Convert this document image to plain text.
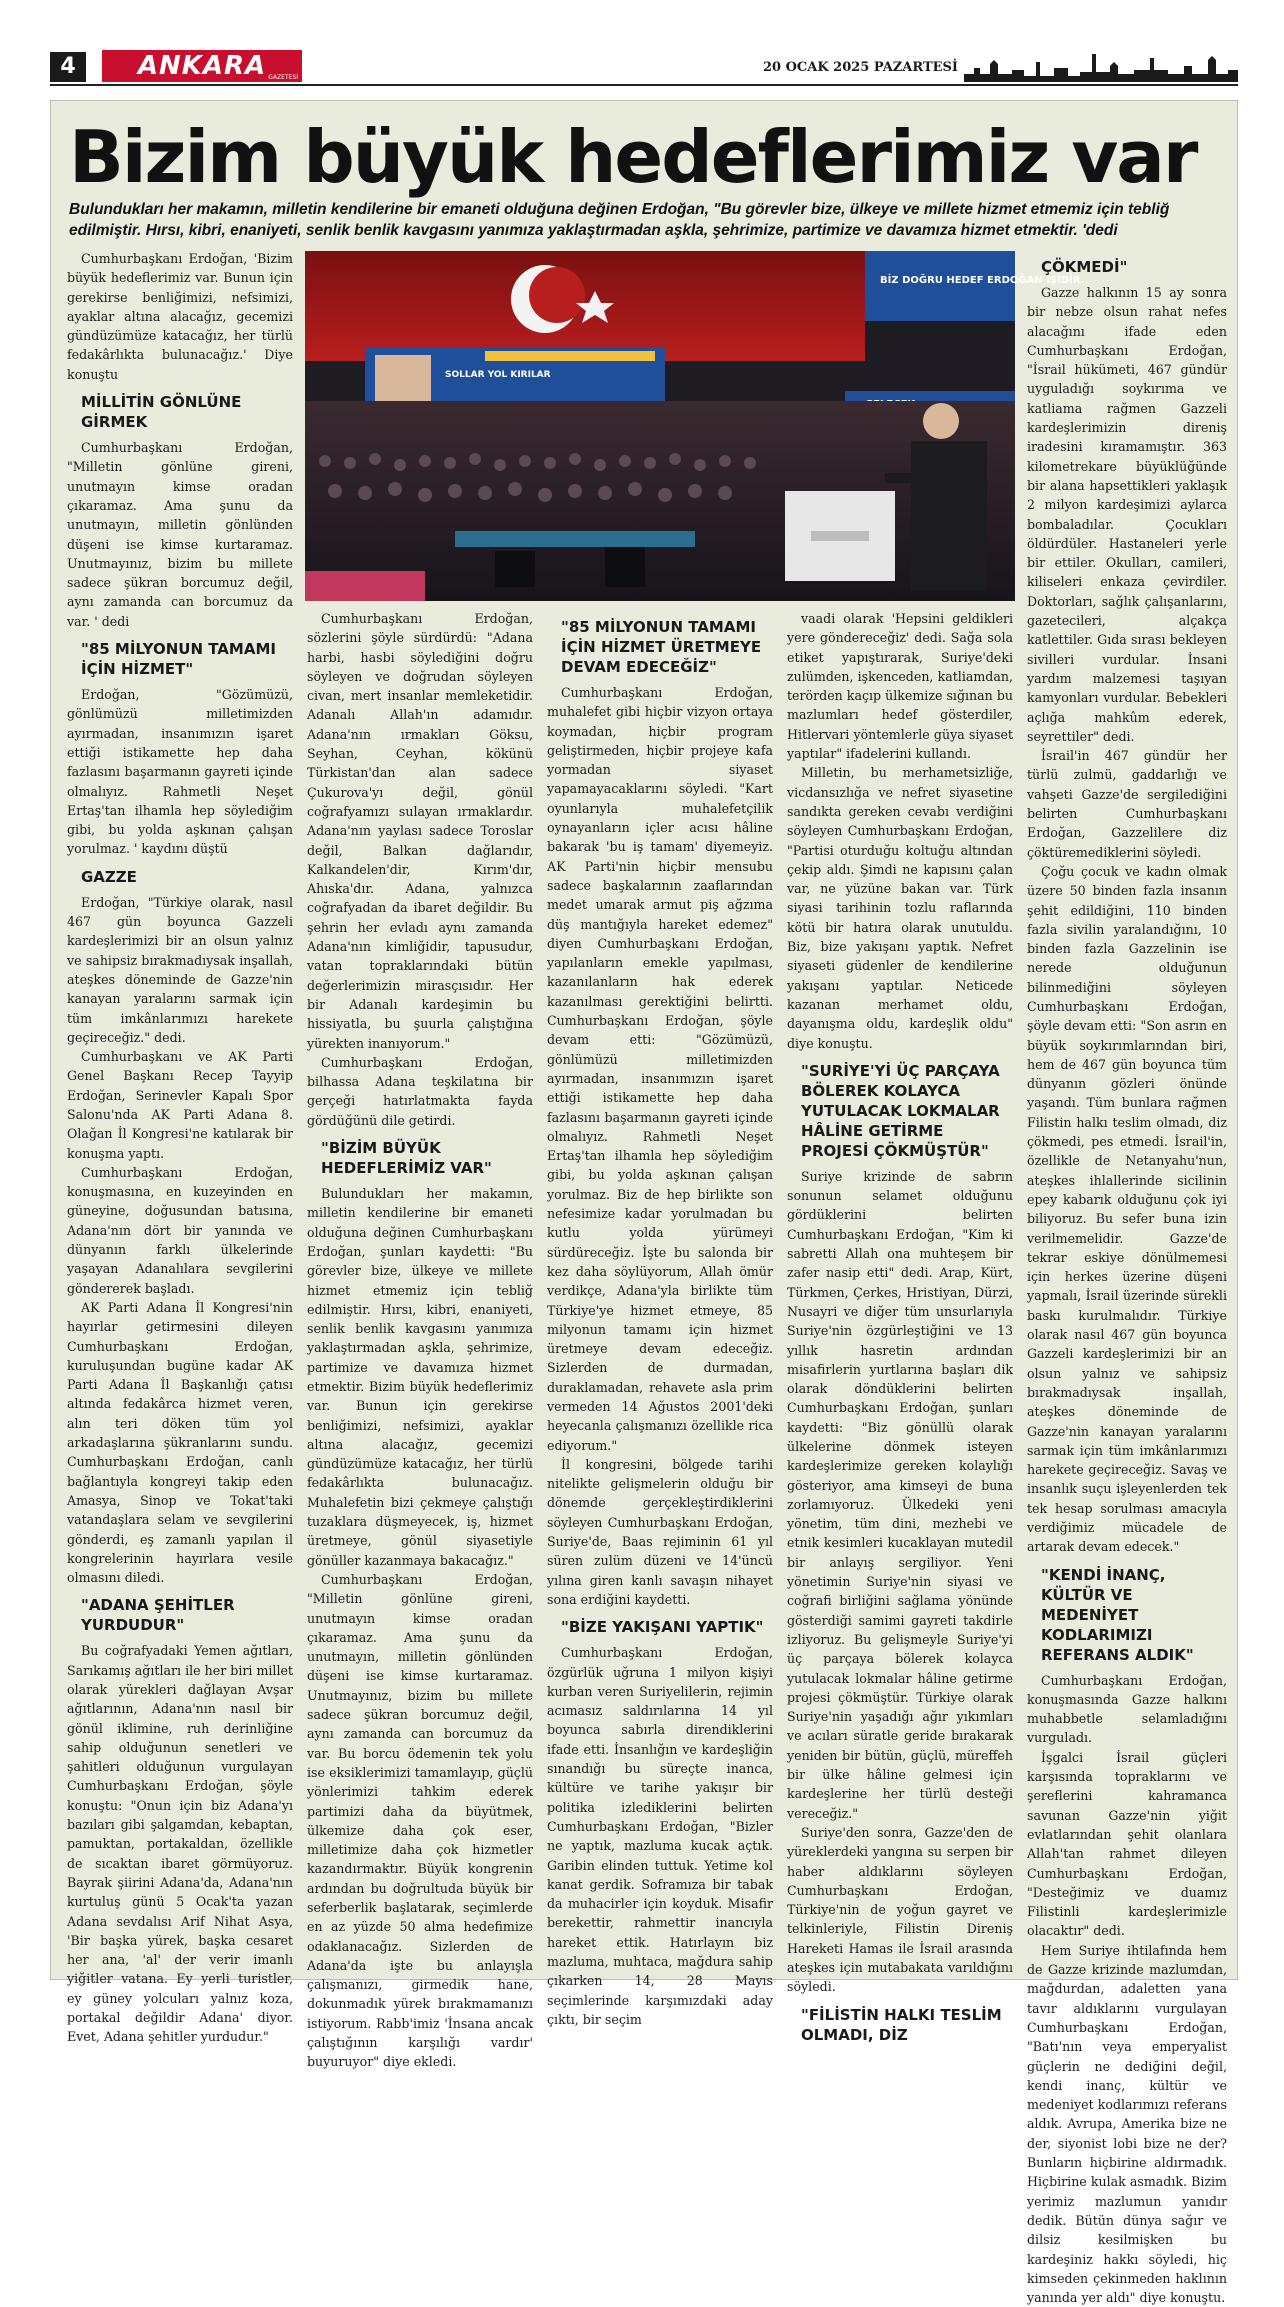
4	ANKARA GAZETESİ
20 OCAK 2025 PAZARTESİ
Bizim büyük hedeflerimiz var

Bulundukları her makamın, milletin kendilerine bir emaneti olduğuna değinen Erdoğan, "Bu görevler bize, ülkeye ve millete hizmet etmemiz için tebliğ edilmiştir. Hırsı, kibri, enaniyeti, senlik benlik kavgasını yanımıza yaklaştırmadan aşkla, şehrimize, partimize ve davamıza hizmet etmektir. 'dedi

SOLLAR YOL KIRILAR
BİZ DOĞRU HEDEF ERDOĞAN İŞİDİR.

Cumhurbaşkanı Erdoğan, 'Bizim büyük hedeflerimiz var. Bunun için gerekirse benliğimizi, nefsimizi, ayaklar altına alacağız, gecemizi gündüzümüze katacağız, her türlü fedakârlıkta bulunacağız.' Diye konuştu

MİLLİTİN GÖNLÜNE GİRMEK

Cumhurbaşkanı Erdoğan, "Milletin gönlüne gireni, unutmayın kimse oradan çıkaramaz. Ama şunu da unutmayın, milletin gönlünden düşeni ise kimse kurtaramaz. Unutmayınız, bizim bu millete sadece şükran borcumuz değil, aynı zamanda can borcumuz da var. ' dedi

"85 MİLYONUN TAMAMI İÇİN HİZMET"

Erdoğan, "Gözümüzü, gönlümüzü milletimizden ayırmadan, insanımızın işaret ettiği istikamette hep daha fazlasını başarmanın gayreti içinde olmalıyız. Rahmetli Neşet Ertaş'tan ilhamla hep söylediğim gibi, bu yolda aşkınan çalışan yorulmaz. ' kaydını düştü

GAZZE

Erdoğan, "Türkiye olarak, nasıl 467 gün boyunca Gazzeli kardeşlerimizi bir an olsun yalnız ve sahipsiz bırakmadıysak inşallah, ateşkes döneminde de Gazze'nin kanayan yaralarını sarmak için tüm imkânlarımızı harekete geçireceğiz." dedi.

Cumhurbaşkanı ve AK Parti Genel Başkanı Recep Tayyip Erdoğan, Serinevler Kapalı Spor Salonu'nda AK Parti Adana 8. Olağan İl Kongresi'ne katılarak bir konuşma yaptı.

Cumhurbaşkanı Erdoğan, konuşmasına, en kuzeyinden en güneyine, doğusundan batısına, Adana'nın dört bir yanında ve dünyanın farklı ülkelerinde yaşayan Adanalılara sevgilerini göndererek başladı.

AK Parti Adana İl Kongresi'nin hayırlar getirmesini dileyen Cumhurbaşkanı Erdoğan, kuruluşundan bugüne kadar AK Parti Adana İl Başkanlığı çatısı altında fedakârca hizmet veren, alın teri döken tüm yol arkadaşlarına şükranlarını sundu. Cumhurbaşkanı Erdoğan, canlı bağlantıyla kongreyi takip eden Amasya, Sinop ve Tokat'taki vatandaşlara selam ve sevgilerini gönderdi, eş zamanlı yapılan il kongrelerinin hayırlara vesile olmasını diledi.

"ADANA ŞEHİTLER YURDUDUR"

Bu coğrafyadaki Yemen ağıtları, Sarıkamış ağıtları ile her biri millet olarak yürekleri dağlayan Avşar ağıtlarının, Adana'nın nasıl bir gönül ikliminе, ruh derinliğine sahip olduğunun senetleri ve şahitleri olduğunun vurgulayan Cumhurbaşkanı Erdoğan, şöyle konuştu: "Onun için biz Adana'yı bazıları gibi şalgamdan, kebaptan, pamuktan, portakaldan, özellikle de sıcaktan ibaret görmüyoruz. Bayrak şiirini Adana'da, Adana'nın kurtuluş günü 5 Ocak'ta yazan Adana sevdalısı Arif Nihat Asya, 'Bir başka yürek, başka cesaret her ana, 'al' der verir imanlı yiğitler vatana. Ey yerli turistler, ey güney yolcuları yalnız koza, portakal değildir Adana' diyor. Evet, Adana şehitler yurdudur."

Cumhurbaşkanı Erdoğan, sözlerini şöyle sürdürdü: "Adana harbi, hasbi söylediğini doğru söyleyen ve doğrudan söyleyen civan, mert insanlar memleketidir. Adanalı Allah'ın adamıdır. Adana'nın ırmakları Göksu, Seyhan, Ceyhan, kökünü Türkistan'dan alan sadece Çukurova'yı değil, gönül coğrafyamızı sulayan ırmaklardır. Adana'nın yaylası sadece Toroslar değil, Balkan dağlarıdır, Kalkandelen'dir, Kırım'dır, Ahıska'dır. Adana, yalnızca coğrafyadan da ibaret değildir. Bu şehrin her evladı aynı zamanda Adana'nın kimliğidir, tapusudur, vatan topraklarındaki bütün değerlerimizin mirasçısıdır. Her bir Adanalı kardeşimin bu hissiyatla, bu şuurla çalıştığına yürekten inanıyorum."

Cumhurbaşkanı Erdoğan, bilhassa Adana teşkilatına bir gerçeği hatırlatmakta fayda gördüğünü dile getirdi.

"BİZİM BÜYÜK HEDEFLERİMİZ VAR"

Bulundukları her makamın, milletin kendilerine bir emaneti olduğuna değinen Cumhurbaşkanı Erdoğan, şunları kaydetti: "Bu görevler bize, ülkeye ve millete hizmet etmemiz için tebliğ edilmiştir. Hırsı, kibri, enaniyeti, senlik benlik kavgasını yanımıza yaklaştırmadan aşkla, şehrimize, partimize ve davamıza hizmet etmektir. Bizim büyük hedeflerimiz var. Bunun için gerekirse benliğimizi, nefsimizi, ayaklar altına alacağız, gecemizi gündüzümüze katacağız, her türlü fedakârlıkta bulunacağız. Muhalefetin bizi çekmeye çalıştığı tuzaklara düşmeyecek, iş, hizmet üretmeye, gönül siyasetiyle gönüller kazanmaya bakacağız."

Cumhurbaşkanı Erdoğan, "Milletin gönlüne gireni, unutmayın kimse oradan çıkaramaz. Ama şunu da unutmayın, milletin gönlünden düşeni ise kimse kurtaramaz. Unutmayınız, bizim bu millete sadece şükran borcumuz değil, aynı zamanda can borcumuz da var. Bu borcu ödemenin tek yolu ise eksiklerimizi tamamlayıp, güçlü yönlerimizi tahkim ederek partimizi daha da büyütmek, ülkemize daha çok eser, milletimize daha çok hizmetler kazandırmaktır. Büyük kongrenin ardından bu doğrultuda büyük bir seferberlik başlatarak, seçimlerde en az yüzde 50 alma hedefimize odaklanacağız. Sizlerden de Adana'da işte bu anlayışla çalışmanızı, girmedik hane, dokunmadık yürek bırakmamanızı istiyorum. Rabb'imiz 'İnsana ancak çalıştığının karşılığı vardır' buyuruyor" diye ekledi.

"85 MİLYONUN TAMAMI İÇİN HİZMET ÜRETMEYE DEVAM EDECEĞİZ"

Cumhurbaşkanı Erdoğan, muhalefet gibi hiçbir vizyon ortaya koymadan, hiçbir program geliştirmeden, hiçbir projeye kafa yormadan siyaset yapamayacaklarını söyledi. "Kart oyunlarıyla muhalefetçilik oynayanların içler acısı hâline bakarak 'bu iş tamam' diyemeyiz. AK Parti'nin hiçbir mensubu sadece başkalarının zaaflarından medet umarak armut piş ağzıma düş mantığıyla hareket edemez" diyen Cumhurbaşkanı Erdoğan, yapılanların emekle yapılması, kazanılanların hak ederek kazanılması gerektiğini belirtti. Cumhurbaşkanı Erdoğan, şöyle devam etti: "Gözümüzü, gönlümüzü milletimizden ayırmadan, insanımızın işaret ettiği istikamette hep daha fazlasını başarmanın gayreti içinde olmalıyız. Rahmetli Neşet Ertaş'tan ilhamla hep söylediğim gibi, bu yolda aşkınan çalışan yorulmaz. Biz de hep birlikte son nefesimize kadar yorulmadan bu kutlu yolda yürümeyi sürdüreceğiz. İşte bu salonda bir kez daha söylüyorum, Allah ömür verdikçe, Adana'yla birlikte tüm Türkiye'ye hizmet etmeye, 85 milyonun tamamı için hizmet üretmeye devam edeceğiz. Sizlerden de durmadan, duraklamadan, rehavete asla prim vermeden 14 Ağustos 2001'deki heyecanla çalışmanızı özellikle rica ediyorum."

İl kongresini, bölgede tarihi nitelikte gelişmelerin olduğu bir dönemde gerçekleştirdiklerini söyleyen Cumhurbaşkanı Erdoğan, Suriye'de, Baas rejiminin 61 yıl süren zulüm düzeni ve 14'üncü yılına giren kanlı savaşın nihayet sona erdiğini kaydetti.

"BİZE YAKIŞANI YAPTIK"

Cumhurbaşkanı Erdoğan, özgürlük uğruna 1 milyon kişiyi kurban veren Suriyelilerin, rejimin acımasız saldırılarına 14 yıl boyunca sabırla direndiklerini ifade etti. İnsanlığın ve kardeşliğin sınandığı bu süreçte inanca, kültüre ve tarihe yakışır bir politika izlediklerini belirten Cumhurbaşkanı Erdoğan, "Bizler ne yaptık, mazluma kucak açtık. Garibin elinden tuttuk. Yetime kol kanat gerdik. Soframıza bir tabak da muhacirler için koyduk. Misafir berekettir, rahmettir inancıyla hareket ettik. Hatırlayın biz mazluma, muhtaca, mağdura sahip çıkarken 14, 28 Mayıs seçimlerinde karşımızdaki aday çıktı, bir seçim

vaadi olarak 'Hepsini geldikleri yere göndereceğiz' dedi. Sağa sola etiket yapıştırarak, Suriye'deki zulümden, işkenceden, katliamdan, terörden kaçıp ülkemize sığınan bu mazlumları hedef gösterdiler, Hitlervari yöntemlerle güya siyaset yaptılar" ifadelerini kullandı.

Milletin, bu merhametsizliğe, vicdansızlığa ve nefret siyasetine sandıkta gereken cevabı verdiğini söyleyen Cumhurbaşkanı Erdoğan, "Partisi oturduğu koltuğu altından çekip aldı. Şimdi ne kapısını çalan var, ne yüzüne bakan var. Türk siyasi tarihinin tozlu raflarında kötü bir hatıra olarak unutuldu. Biz, bize yakışanı yaptık. Nefret siyaseti güdenler de kendilerine yakışanı yaptılar. Neticede kazanan merhamet oldu, dayanışma oldu, kardeşlik oldu" diye konuştu.

"SURİYE'Yİ ÜÇ PARÇAYA BÖLEREK KOLAYCA YUTULACAK LOKMALAR HÂLİNE GETİRME PROJESİ ÇÖKMÜŞTÜR"

Suriye krizinde de sabrın sonunun selamet olduğunu gördüklerini belirten Cumhurbaşkanı Erdoğan, "Kim ki sabretti Allah ona muhteşem bir zafer nasip etti" dedi. Arap, Kürt, Türkmen, Çerkes, Hristiyan, Dürzi, Nusayri ve diğer tüm unsurlarıyla Suriye'nin özgürleştiğini ve 13 yıllık hasretin ardından misafirlerin yurtlarına başları dik olarak döndüklerini belirten Cumhurbaşkanı Erdoğan, şunları kaydetti: "Biz gönüllü olarak ülkelerine dönmek isteyen kardeşlerimize gereken kolaylığı gösteriyor, ama kimseyi de buna zorlamıyoruz. Ülkedeki yeni yönetim, tüm dini, mezhebi ve etnik kesimleri kucaklayan mutedil bir anlayış sergiliyor. Yeni yönetimin Suriye'nin siyasi ve coğrafi birliğini sağlama yönünde gösterdiği samimi gayreti takdirle izliyoruz. Bu gelişmeyle Suriye'yi üç parçaya bölerek kolayca yutulacak lokmalar hâline getirme projesi çökmüştür. Türkiye olarak Suriye'nin yaşadığı ağır yıkımları ve acıları süratle geride bırakarak yeniden bir bütün, güçlü, müreffeh bir ülke hâline gelmesi için kardeşlerine her türlü desteği vereceğiz."

Suriye'den sonra, Gazze'den de yüreklerdeki yangına su serpen bir haber aldıklarını söyleyen Cumhurbaşkanı Erdoğan, Türkiye'nin de yoğun gayret ve telkinleriyle, Filistin Direniş Hareketi Hamas ile İsrail arasında ateşkes için mutabakata varıldığını söyledi.

"FİLİSTİN HALKI TESLİM OLMADI, DİZ
ÇÖKMEDİ"

Gazze halkının 15 ay sonra bir nebze olsun rahat nefes alacağını ifade eden Cumhurbaşkanı Erdoğan, "İsrail hükümeti, 467 gündür uyguladığı soykırıma ve katliama rağmen Gazzeli kardeşlerimizin direniş iradesini kıramamıştır. 363 kilometrekare büyüklüğünde bir alana hapsettikleri yaklaşık 2 milyon kardeşimizi aylarca bombaladılar. Çocukları öldürdüler. Hastaneleri yerle bir ettiler. Okulları, camileri, kiliseleri enkaza çevirdiler. Doktorları, sağlık çalışanlarını, gazetecileri, alçakça katlettiler. Gıda sırası bekleyen sivilleri vurdular. İnsani yardım malzemesi taşıyan kamyonları vurdular. Bebekleri açlığa mahkûm ederek, seyrettiler" dedi.

İsrail'in 467 gündür her türlü zulmü, gaddarlığı ve vahşeti Gazze'de sergilediğini belirten Cumhurbaşkanı Erdoğan, Gazzelilere diz çöktüremediklerini söyledi.

Çoğu çocuk ve kadın olmak üzere 50 binden fazla insanın şehit edildiğini, 110 binden fazla sivilin yaralandığını, 10 binden fazla Gazzelinin ise nerede olduğunun bilinmediğini söyleyen Cumhurbaşkanı Erdoğan, şöyle devam etti: "Son asrın en büyük soykırımlarından biri, hem de 467 gün boyunca tüm dünyanın gözleri önünde yaşandı. Tüm bunlara rağmen Filistin halkı teslim olmadı, diz çökmedi, pes etmedi. İsrail'in, özellikle de Netanyahu'nun, ateşkes ihlallerinde sicilinin epey kabarık olduğunu çok iyi biliyoruz. Bu sefer buna izin verilmemelidir. Gazze'de tekrar eskiye dönülmemesi için herkes üzerine düşeni yapmalı, İsrail üzerinde sürekli baskı kurulmalıdır. Türkiye olarak nasıl 467 gün boyunca Gazzeli kardeşlerimizi bir an olsun yalnız ve sahipsiz bırakmadıysak inşallah, ateşkes döneminde de Gazze'nin kanayan yaralarını sarmak için tüm imkânlarımızı harekete geçireceğiz. Savaş ve insanlık suçu işleyenlerden tek tek hesap sorulması amacıyla verdiğimiz mücadele de artarak devam edecek."

"KENDİ İNANÇ, KÜLTÜR VE MEDENİYET KODLARIMIZI REFERANS ALDIK"

Cumhurbaşkanı Erdoğan, konuşmasında Gazze halkını muhabbetle selamladığını vurguladı.

İşgalci İsrail güçleri karşısında topraklarını ve şereflerini kahramanca savunan Gazze'nin yiğit evlatlarından şehit olanlara Allah'tan rahmet dileyen Cumhurbaşkanı Erdoğan, "Desteğimiz ve duamız Filistinli kardeşlerimizle olacaktır" dedi.

Hem Suriye ihtilafında hem de Gazze krizinde mazlumdan, mağdurdan, adaletten yana tavır aldıklarını vurgulayan Cumhurbaşkanı Erdoğan, "Batı'nın veya emperyalist güçlerin ne dediğini değil, kendi inanç, kültür ve medeniyet kodlarımızı referans aldık. Avrupa, Amerika bize ne der, siyonist lobi bize ne der? Bunların hiçbirine aldırmadık. Hiçbirine kulak asmadık. Bizim yerimiz mazlumun yanıdır dedik. Bütün dünya sağır ve dilsiz kesilmişken bu kardeşiniz hakkı söyledi, hiç kimseden çekinmeden haklının yanında yer aldı" diye konuştu.
